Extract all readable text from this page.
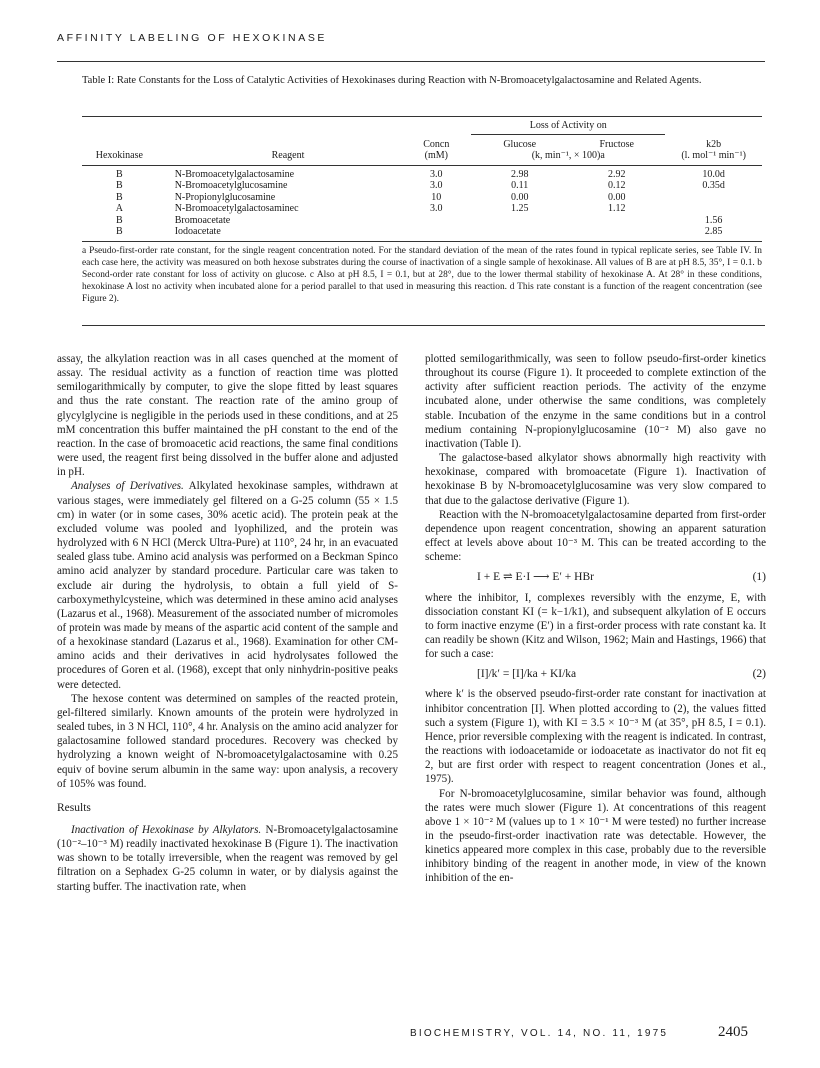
AFFINITY LABELING OF HEXOKINASE
Table I: Rate Constants for the Loss of Catalytic Activities of Hexokinases during Reaction with N-Bromoacetylgalactosamine and Related Agents.
			Loss of Activity on		
		Concn	Glucose	Fructose	k2b
Hexokinase	Reagent	(mM)	(k, min⁻¹, × 100)a		(l. mol⁻¹ min⁻¹)
B	N-Bromoacetylgalactosamine	3.0	2.98	2.92	10.0d
B	N-Bromoacetylglucosamine	3.0	0.11	0.12	0.35d
B	N-Propionylglucosamine	10	0.00	0.00	
A	N-Bromoacetylgalactosaminec	3.0	1.25	1.12	
B	Bromoacetate				1.56
B	Iodoacetate				2.85
a Pseudo-first-order rate constant, for the single reagent concentration noted. For the standard deviation of the mean of the rates found in typical replicate series, see Table IV. In each case here, the activity was measured on both hexose substrates during the course of inactivation of a single sample of hexokinase. All values of B are at pH 8.5, 35°, I = 0.1. b Second-order rate constant for loss of activity on glucose. c Also at pH 8.5, I = 0.1, but at 28°, due to the lower thermal stability of hexokinase A. At 28° in these conditions, hexokinase A lost no activity when incubated alone for a period parallel to that used in measuring this reaction. d This rate constant is a function of the reagent concentration (see Figure 2).

assay, the alkylation reaction was in all cases quenched at the moment of assay. The residual activity as a function of reaction time was plotted semilogarithmically by computer, to give the slope fitted by least squares and thus the rate constant. The reaction rate of the amino group of glycylglycine is negligible in the periods used in these conditions, and at 25 mM concentration this buffer maintained the pH constant to the end of the reaction. In the case of bromoacetic acid reactions, the same final conditions were used, the reagent first being dissolved in the buffer alone and adjusted in pH.

Analyses of Derivatives. Alkylated hexokinase samples, withdrawn at various stages, were immediately gel filtered on a G-25 column (55 × 1.5 cm) in water (or in some cases, 30% acetic acid). The protein peak at the excluded volume was pooled and lyophilized, and the protein was hydrolyzed with 6 N HCl (Merck Ultra-Pure) at 110°, 24 hr, in an evacuated sealed glass tube. Amino acid analysis was performed on a Beckman Spinco amino acid analyzer by standard procedure. Particular care was taken to exclude air during the hydrolysis, to obtain a full yield of S-carboxymethylcysteine, which was determined in these amino acid analyses (Lazarus et al., 1968). Measurement of the associated number of micromoles of protein was made by means of the aspartic acid content of the sample and of a hexokinase standard (Lazarus et al., 1968). Examination for other CM-amino acids and their derivatives in acid hydrolysates followed the procedures of Goren et al. (1968), except that only ninhydrin-positive peaks were detected.

The hexose content was determined on samples of the reacted protein, gel-filtered similarly. Known amounts of the protein were hydrolyzed in sealed tubes, in 3 N HCl, 110°, 4 hr. Analysis on the amino acid analyzer for galactosamine followed standard procedures. Recovery was checked by hydrolyzing a known weight of N-bromoacetylgalactosamine with 0.25 equiv of bovine serum albumin in the same way: upon analysis, a recovery of 105% was found.

Results

Inactivation of Hexokinase by Alkylators. N-Bromoacetylgalactosamine (10⁻²–10⁻³ M) readily inactivated hexokinase B (Figure 1). The inactivation was shown to be totally irreversible, when the reagent was removed by gel filtration on a Sephadex G-25 column in water, or by dialysis against the starting buffer. The inactivation rate, when

plotted semilogarithmically, was seen to follow pseudo-first-order kinetics throughout its course (Figure 1). It proceeded to complete extinction of the activity after sufficient reaction periods. The activity of the enzyme incubated alone, under otherwise the same conditions, was completely stable. Incubation of the enzyme in the same conditions but in a control medium containing N-propionylglucosamine (10⁻² M) also gave no inactivation (Table I).

The galactose-based alkylator shows abnormally high reactivity with hexokinase, compared with bromoacetate (Figure 1). Inactivation of hexokinase B by N-bromoacetylglucosamine was very slow compared to that due to the galactose derivative (Figure 1).

Reaction with the N-bromoacetylgalactosamine departed from first-order dependence upon reagent concentration, showing an apparent saturation effect at levels above about 10⁻³ M. This can be treated according to the scheme:

I + E ⇌ E·I ⟶ E′ + HBr	(1)

where the inhibitor, I, complexes reversibly with the enzyme, E, with dissociation constant KI (= k−1/k1), and subsequent alkylation of E occurs to form inactive enzyme (E′) in a first-order process with rate constant ka. It can readily be shown (Kitz and Wilson, 1962; Main and Hastings, 1966) that for such a case:

[I]/k′ = [I]/ka + KI/ka	(2)

where k′ is the observed pseudo-first-order rate constant for inactivation at inhibitor concentration [I]. When plotted according to (2), the values fitted such a system (Figure 1), with KI = 3.5 × 10⁻³ M (at 35°, pH 8.5, I = 0.1). Hence, prior reversible complexing with the reagent is indicated. In contrast, the reactions with iodoacetamide or iodoacetate as inactivator do not fit eq 2, but are first order with respect to reagent concentration (Jones et al., 1975).

For N-bromoacetylglucosamine, similar behavior was found, although the rates were much slower (Figure 1). At concentrations of this reagent above 1 × 10⁻² M (values up to 1 × 10⁻¹ M were tested) no further increase in the pseudo-first-order inactivation rate was detectable. However, the kinetics appeared more complex in this case, probably due to the reversible inhibitory binding of the reagent in another mode, in view of the known inhibition of the en-

BIOCHEMISTRY, VOL. 14, NO. 11, 1975	2405
